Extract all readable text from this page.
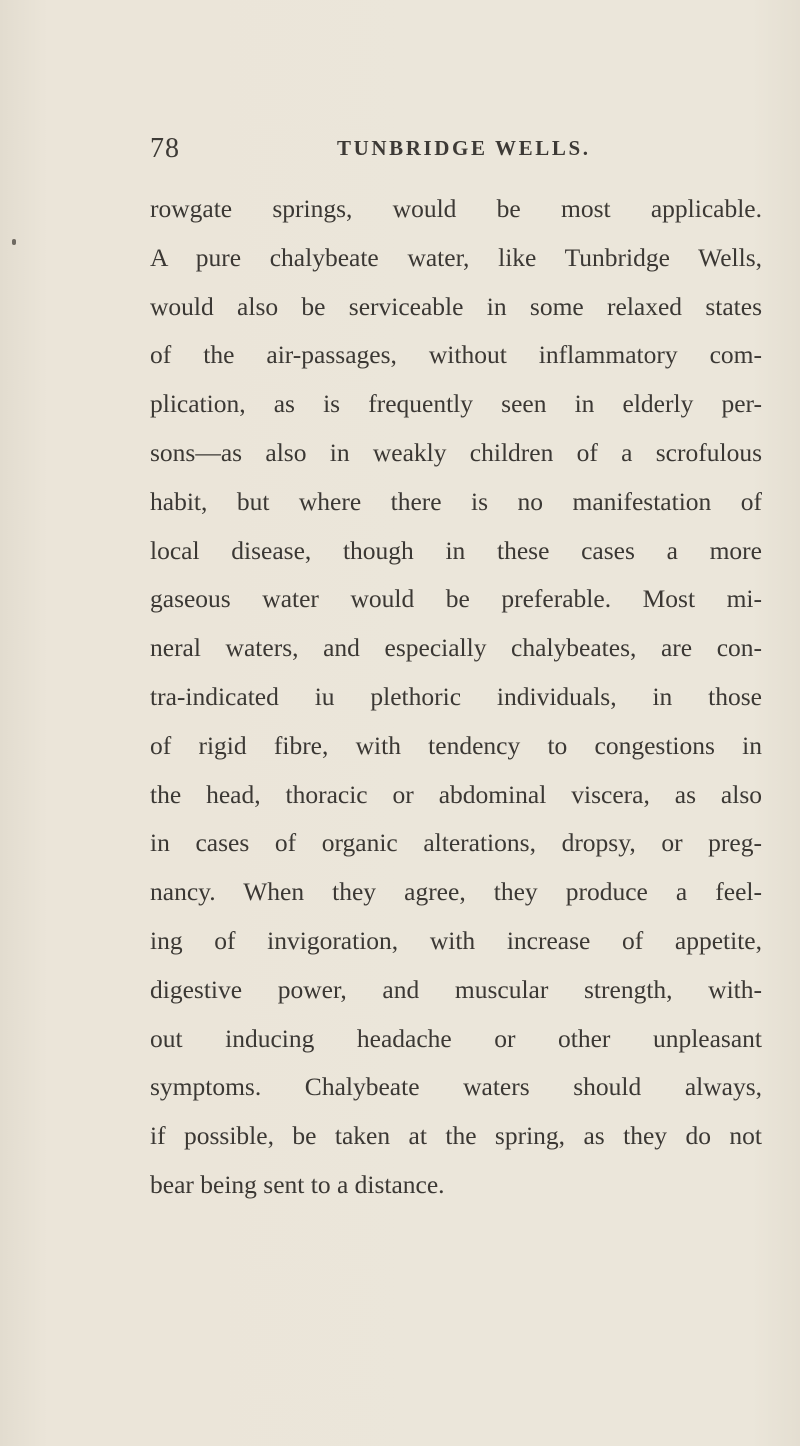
78	TUNBRIDGE WELLS.
rowgate springs, would be most applicable.
A pure chalybeate water, like Tunbridge Wells,
would also be serviceable in some relaxed states
of the air-passages, without inflammatory com-
plication, as is frequently seen in elderly per-
sons—as also in weakly children of a scrofulous
habit, but where there is no manifestation of
local disease, though in these cases a more
gaseous water would be preferable. Most mi-
neral waters, and especially chalybeates, are con-
tra-indicated iu plethoric individuals, in those
of rigid fibre, with tendency to congestions in
the head, thoracic or abdominal viscera, as also
in cases of organic alterations, dropsy, or preg-
nancy. When they agree, they produce a feel-
ing of invigoration, with increase of appetite,
digestive power, and muscular strength, with-
out inducing headache or other unpleasant
symptoms. Chalybeate waters should always,
if possible, be taken at the spring, as they do not
bear being sent to a distance.
